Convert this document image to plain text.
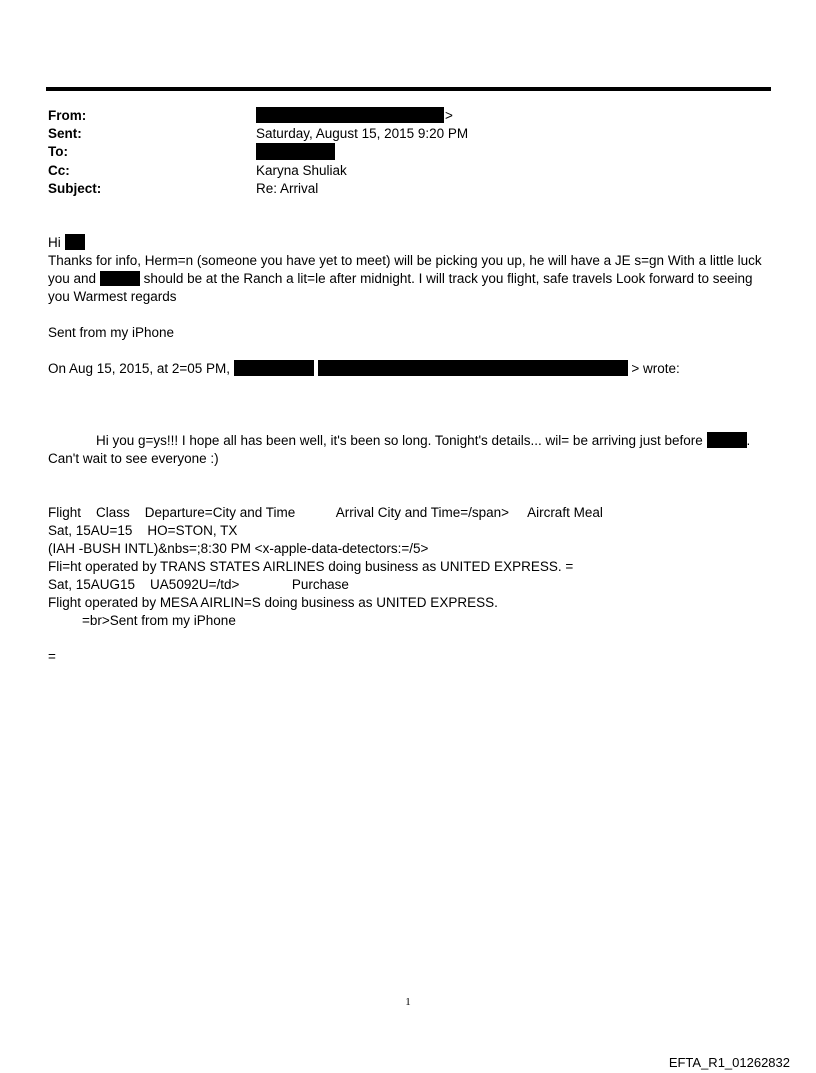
From:	>
Sent:	Saturday, August 15, 2015 9:20 PM
To:
Cc:	Karyna Shuliak
Subject:	Re: Arrival
Hi
Thanks for info, Herm=n (someone you have yet to meet) will be picking you up, he will have a JE s=gn With a little luck
you and	should be at the Ranch a lit=le after midnight. I will track you flight, safe travels Look forward to seeing
you Warmest regards
Sent from my iPhone
On Aug 15, 2015, at 2=05 PM,	> wrote:
Hi you g=ys!!! I hope all has been well, it's been so long. Tonight's details... wil= be arriving just before	.
Can't wait to see everyone :)
Flight    Class    Departure=City and Time           Arrival City and Time=/span>     Aircraft Meal
Sat, 15AU=15    HO=STON, TX
(IAH -BUSH INTL)&nbs=;8:30 PM <x-apple-data-detectors:=/5>
Fli=ht operated by TRANS STATES AIRLINES doing business as UNITED EXPRESS. =
Sat, 15AUG15    UA5092U=/td>              Purchase
Flight operated by MESA AIRLIN=S doing business as UNITED EXPRESS.
=br>Sent from my iPhone
=
1
EFTA_R1_01262832
